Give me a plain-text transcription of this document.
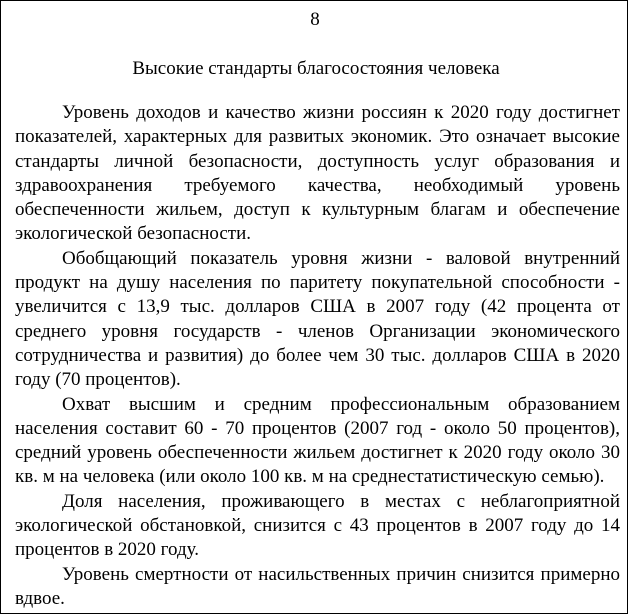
8
Высокие стандарты благосостояния человека

Уровень доходов и качество жизни россиян к 2020 году достигнет показателей, характерных для развитых экономик. Это означает высокие стандарты личной безопасности, доступность услуг образования и здравоохранения требуемого качества, необходимый уровень обеспеченности жильем, доступ к культурным благам и обеспечение экологической безопасности.

Обобщающий показатель уровня жизни - валовой внутренний продукт на душу населения по паритету покупательной способности - увеличится с 13,9 тыс. долларов США в 2007 году (42 процента от среднего уровня государств - членов Организации экономического сотрудничества и развития) до более чем 30 тыс. долларов США в 2020 году (70 процентов).

Охват высшим и средним профессиональным образованием населения составит 60 - 70 процентов (2007 год - около 50 процентов), средний уровень обеспеченности жильем достигнет к 2020 году около 30 кв. м на человека (или около 100 кв. м на среднестатистическую семью).

Доля населения, проживающего в местах с неблагоприятной экологической обстановкой, снизится с 43 процентов в 2007 году до 14 процентов в 2020 году.

Уровень смертности от насильственных причин снизится примерно вдвое.
